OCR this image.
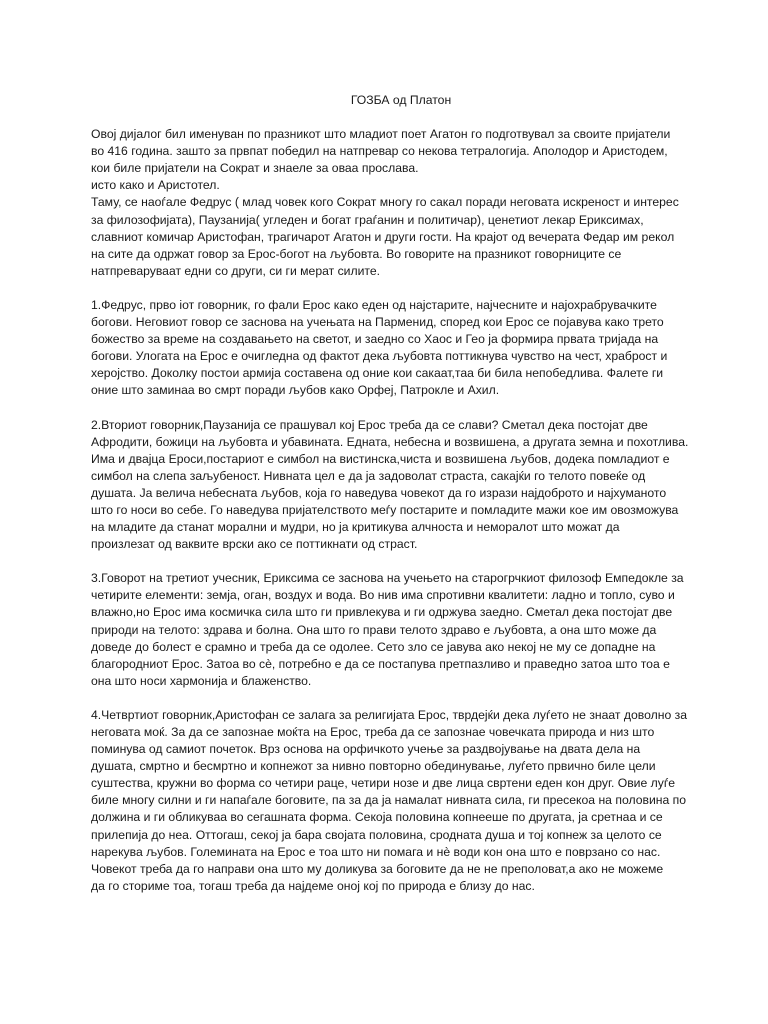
ГОЗБА од Платон
Овој дијалог бил именуван по празникот што младиот поет Агатон го подготвувал за своите пријатели
во 416 година. зашто за првпат победил на натпревар со некова тетралогија. Аполодор и Аристодем,
кои биле пријатели на Сократ и знаеле за оваа прослава.
исто како и Аристотел.
Таму, се наоѓале Федрус ( млад човек кого Сократ многу го сакал поради неговата искреност и интерес
за филозофијата), Паузанија( угледен и богат граѓанин и политичар), ценетиот лекар Ериксимах,
славниот комичар Аристофан, трагичарот Агатон и други гости. На крајот од вечерата Федар им рекол
на сите да одржат говор за Ерос-богот на љубовта. Во говорите на празникот говорниците се
натпреваруваат едни со други, си ги мерат силите.
1.Федрус, прво iот говорник, го фали Ерос како еден од најстарите, најчесните и најохрабрувачките
богови. Неговиот говор се заснова на учењата на Парменид, според кои Ерос се појавува како трето
божество за време на создавањето на светот, и заедно со Хаос и Гео ја формира првата тријада на
богови. Улогата на Ерос е очигледна од фактот дека љубовта поттикнува чувство на чест, храброст и
херојство. Доколку постои армија составена од оние кои сакаат,таа би била непобедлива. Фалете ги
оние што заминаа во смрт поради љубов како Орфеј, Патрокле и Ахил.
2.Вториот говорник,Паузанија се прашувал кој Ерос треба да се слави? Сметал дека постојат две
Афродити, божици на љубовта и убавината. Едната, небесна и возвишена, а другата земна и похотлива.
Има и двајца Ероси,постариот е симбол на вистинска,чиста и возвишена љубов, додека помладиот е
симбол на слепа заљубеност. Нивната цел е да ја задоволат страста, сакајќи го телото повеќе од
душата. Ја велича небесната љубов, која го наведува човекот да го изрази најдоброто и најхуманото
што го носи во себе. Го наведува пријателството меѓу постарите и помладите мажи кое им овозможува
на младите да станат морални и мудри, но ја критикува алчноста и неморалот што можат да
произлезат од ваквите врски ако се поттикнати од страст.
3.Говорот на третиот учесник, Ериксима се заснова на учењето на старогрчкиот филозоф Емпедокле за
четирите елементи: земја, оган, воздух и вода. Во нив има спротивни квалитети: ладно и топло, суво и
влажно,но Ерос има космичка сила што ги привлекува и ги одржува заедно. Сметал дека постојат две
природи на телото: здрава и болна. Она што го прави телото здраво е љубовта, а она што може да
доведе до болест е срамно и треба да се одолее. Сето зло се јавува ако некој не му се допадне на
благородниот Ерос. Затоа во сè, потребно е да се постапува претпазливо и праведно затоа што тоа е
она што носи хармонија и блаженство.
4.Четвртиот говорник,Аристофан се залага за религијата Ерос, тврдејќи дека луѓето не знаат доволно за
неговата моќ. За да се запознае моќта на Ерос, треба да се запознае човечката природа и низ што
поминува од самиот почеток. Врз основа на орфичкото учење за раздвојување на двата дела на
душата, смртно и бесмртно и копнежот за нивно повторно обединување, луѓето првично биле цели
суштества, кружни во форма со четири раце, четири нозе и две лица свртени еден кон друг. Овие луѓе
биле многу силни и ги напаѓале боговите, па за да ја намалат нивната сила, ги пресекоа на половина по
должина и ги обликуваа во сегашната форма. Секоја половина копнееше по другата, ја сретнаа и се
прилепија до неа. Оттогаш, секој ја бара својата половина, сродната душа и тој копнеж за целото се
нарекува љубов. Големината на Ерос е тоа што ни помага и нè води кон она што е поврзано со нас.
Човекот треба да го направи она што му доликува за боговите да не не преполоват,а ако не можеме
да го сториме тоа, тогаш треба да најдеме оној кој по природа е близу до нас.
